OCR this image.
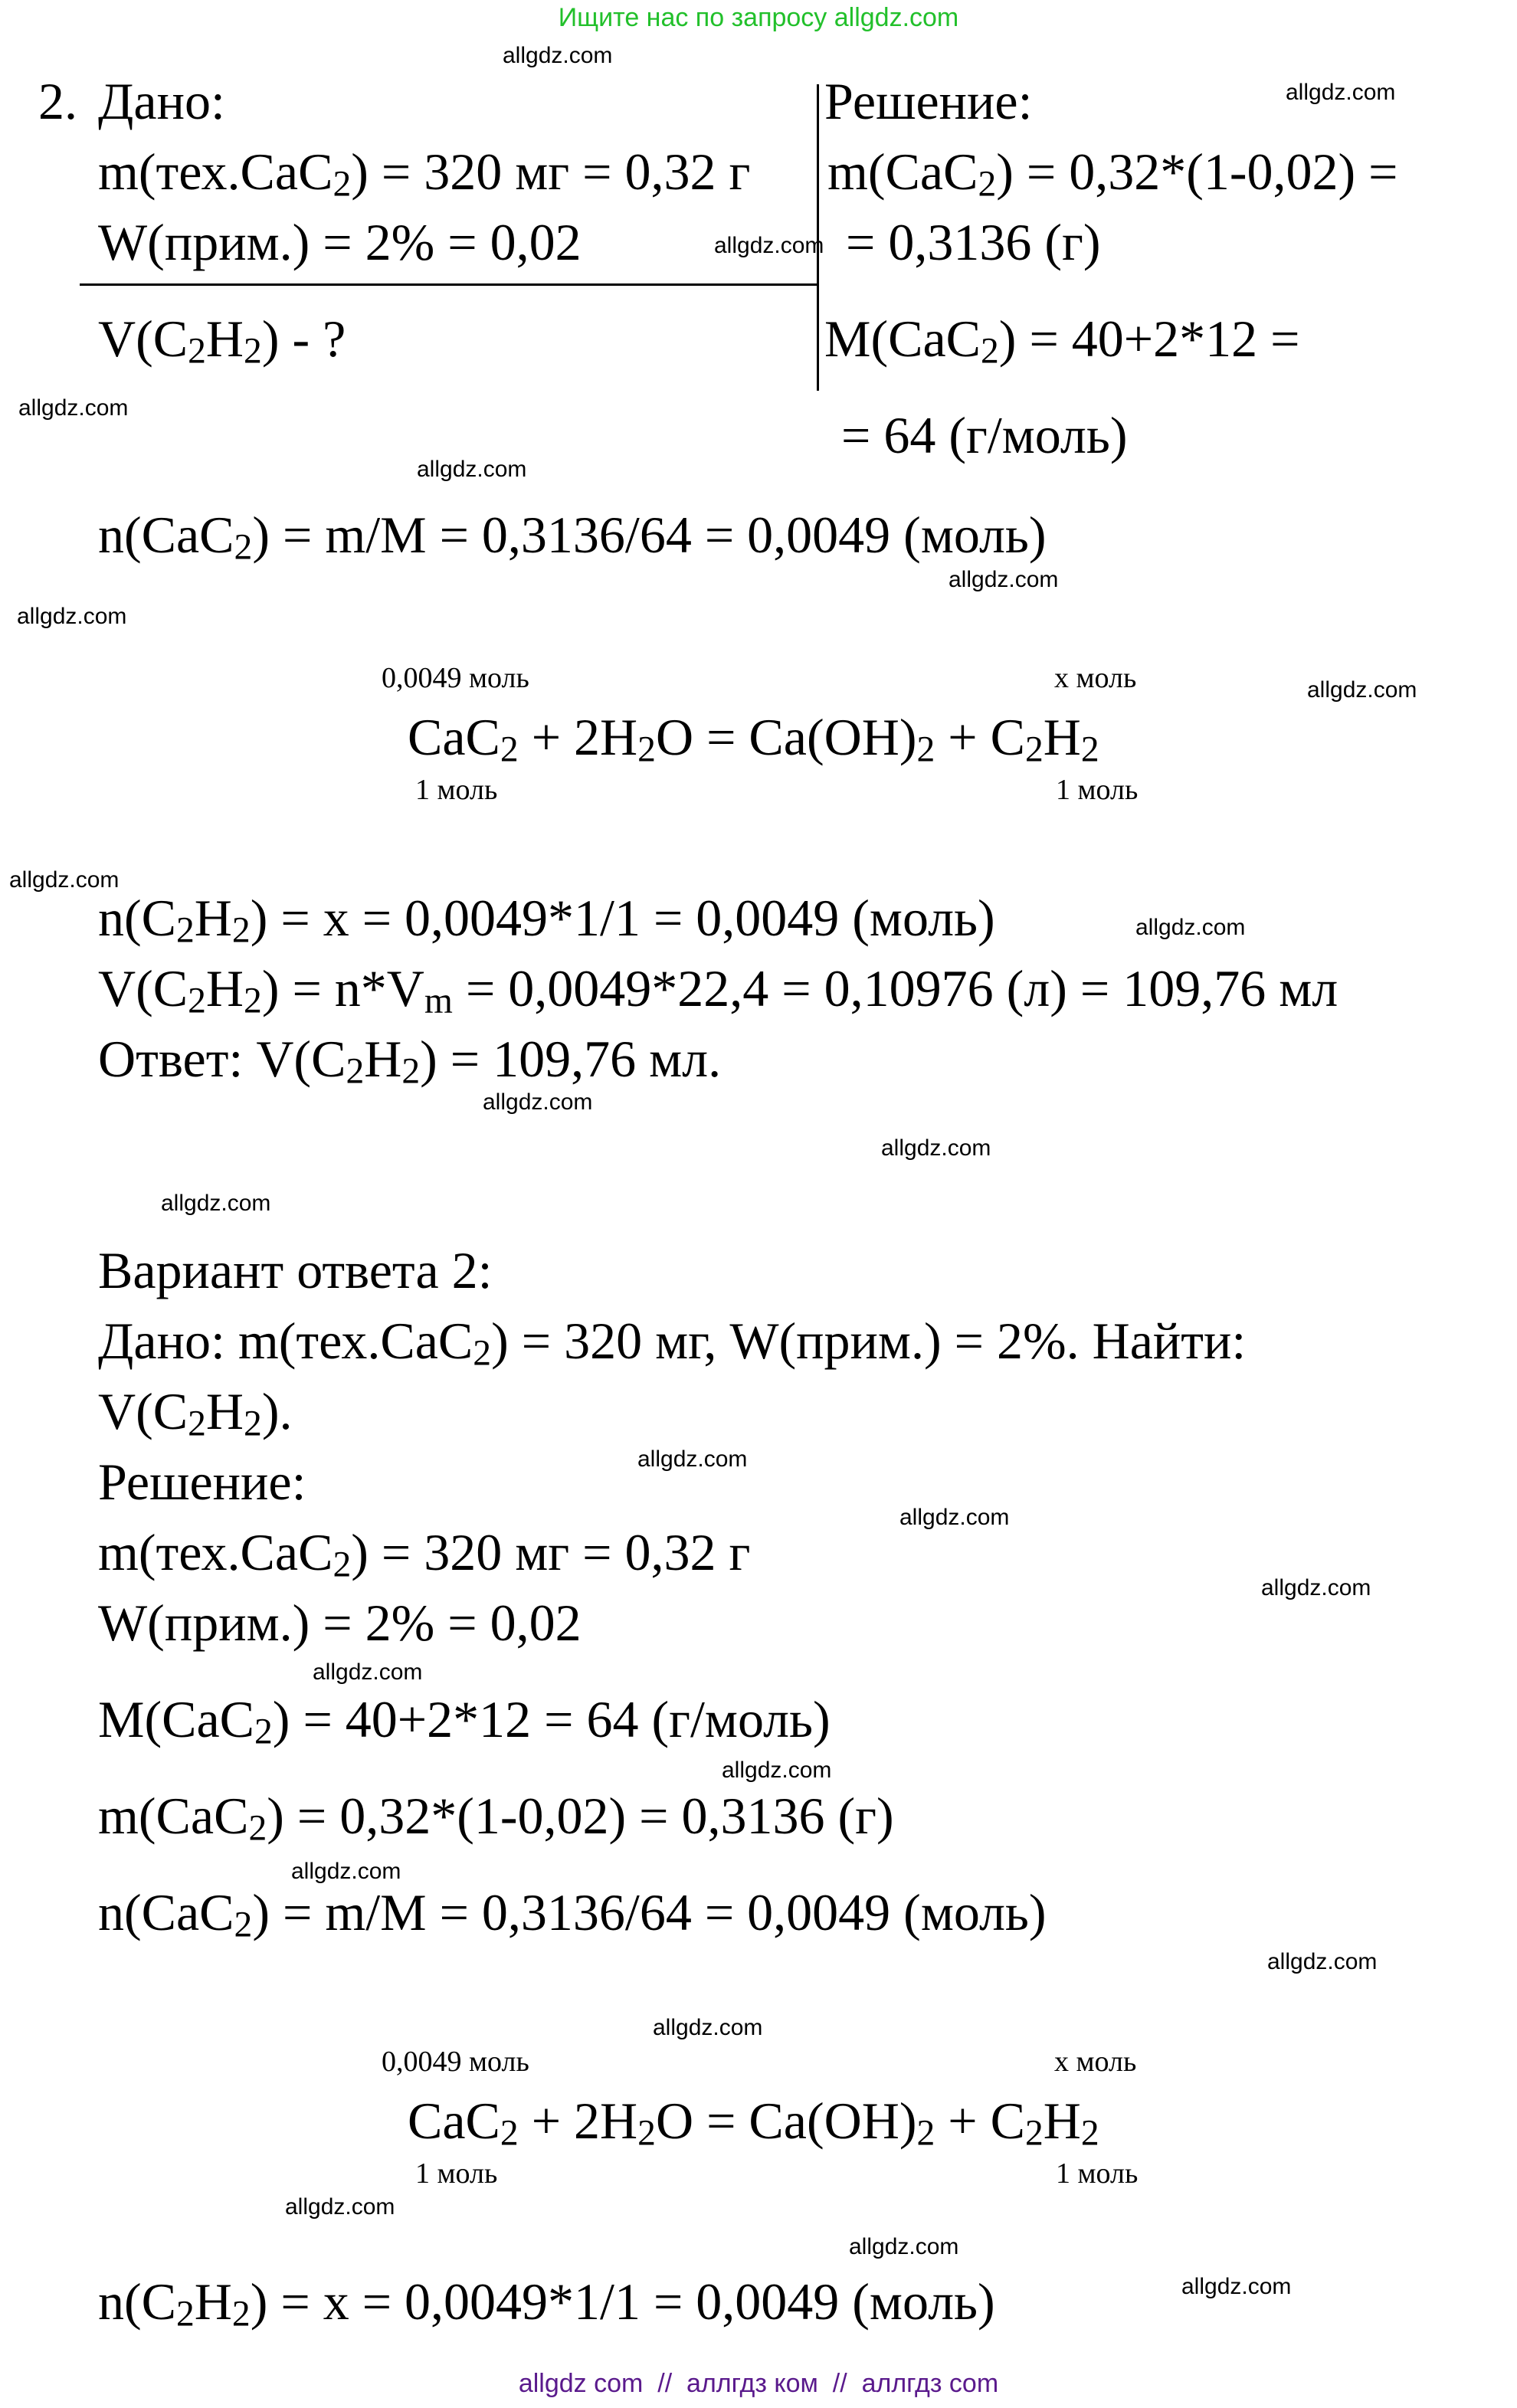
Ищите нас по запросу allgdz.com
2. Дано:
m(тех.CaC$_2$) = 320 мг = 0,32 г
W(прим.) = 2% = 0,02
$V(C_2H_2)$ - ?
Решение:
m(CaC$_2$) = 0,32*(1-0,02) =
= 0,3136 (г)
M(CaC$_2$) = 40+2*12 =
= 64 (г/моль)
n(CaC$_2$) = m/M = 0,3136/64 = 0,0049 (моль)
0,0049 моль	х моль
$CaC_2 + 2H_2O = Ca(OH)_2 + C_2H_2$
1 моль	1 моль
$n(C_2H_2) = x = 0,0049*1/1 = 0,0049$ (моль)
$V(C_2H_2) = n*V_m = 0,0049*22,4 = 0,10976$ (л) = 109,76 мл
Ответ: $V(C_2H_2) = 109,76$ мл.
Вариант ответа 2:
Дано: m(тех.CaC$_2$) = 320 мг, W(прим.) = 2%. Найти:
$V(C_2H_2)$.
Решение:
m(тех.CaC$_2$) = 320 мг = 0,32 г
W(прим.) = 2% = 0,02
M(CaC$_2$) = 40+2*12 = 64 (г/моль)
m(CaC$_2$) = 0,32*(1-0,02) = 0,3136 (г)
n(CaC$_2$) = m/M = 0,3136/64 = 0,0049 (моль)
0,0049 моль	х моль
$CaC_2 + 2H_2O = Ca(OH)_2 + C_2H_2$
1 моль	1 моль
$n(C_2H_2) = x = 0,0049*1/1 = 0,0049$ (моль)
allgdz.com
allgdz.com
allgdz.com
allgdz.com
allgdz.com
allgdz.com
allgdz.com
allgdz.com
allgdz.com
allgdz.com
allgdz.com
allgdz.com
allgdz.com
allgdz.com
allgdz.com
allgdz.com
allgdz.com
allgdz.com
allgdz.com
allgdz.com
allgdz.com
allgdz.com
allgdz.com
allgdz.com
allgdz com  //  аллгдз ком  //  аллгдз com
